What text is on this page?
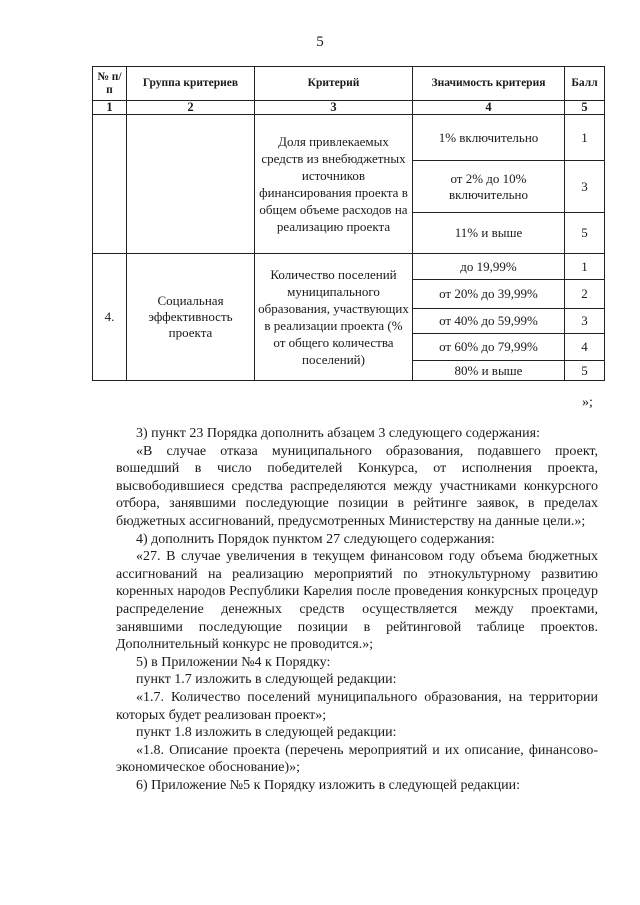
5
№ п/п	Группа критериев	Критерий	Значимость критерия	Балл
1	2	3	4	5
		Доля привлекаемых средств из внебюджетных источников финансирования проекта в общем объеме расходов на реализацию проекта	1% включительно	1
			от 2% до 10% включительно	3
			11% и выше	5
4.	Социальная эффективность проекта	Количество поселений муниципального образования, участвующих в реализации проекта (% от общего количества поселений)	до 19,99%	1
			от 20% до 39,99%	2
			от 40% до 59,99%	3
			от 60% до 79,99%	4
			80% и выше	5
»;

3) пункт 23 Порядка дополнить абзацем 3 следующего содержания:

«В случае отказа муниципального образования, подавшего проект, вошедший в число победителей Конкурса, от исполнения проекта, высвободившиеся средства распределяются между участниками конкурсного отбора, занявшими последующие позиции в рейтинге заявок, в пределах бюджетных ассигнований, предусмотренных Министерству на данные цели.»;

4) дополнить Порядок пунктом 27 следующего содержания:

«27. В случае увеличения в текущем финансовом году объема бюджетных ассигнований на реализацию мероприятий по этнокультурному развитию коренных народов Республики Карелия после проведения конкурсных процедур распределение денежных средств осуществляется между проектами, занявшими последующие позиции в рейтинговой таблице проектов. Дополнительный конкурс не проводится.»;

5) в Приложении №4 к Порядку:

пункт 1.7 изложить в следующей редакции:

«1.7. Количество поселений муниципального образования, на территории которых будет реализован проект»;

пункт 1.8 изложить в следующей редакции:

«1.8. Описание проекта (перечень мероприятий и их описание, финансово-экономическое обоснование)»;

6) Приложение №5 к Порядку изложить в следующей редакции:
